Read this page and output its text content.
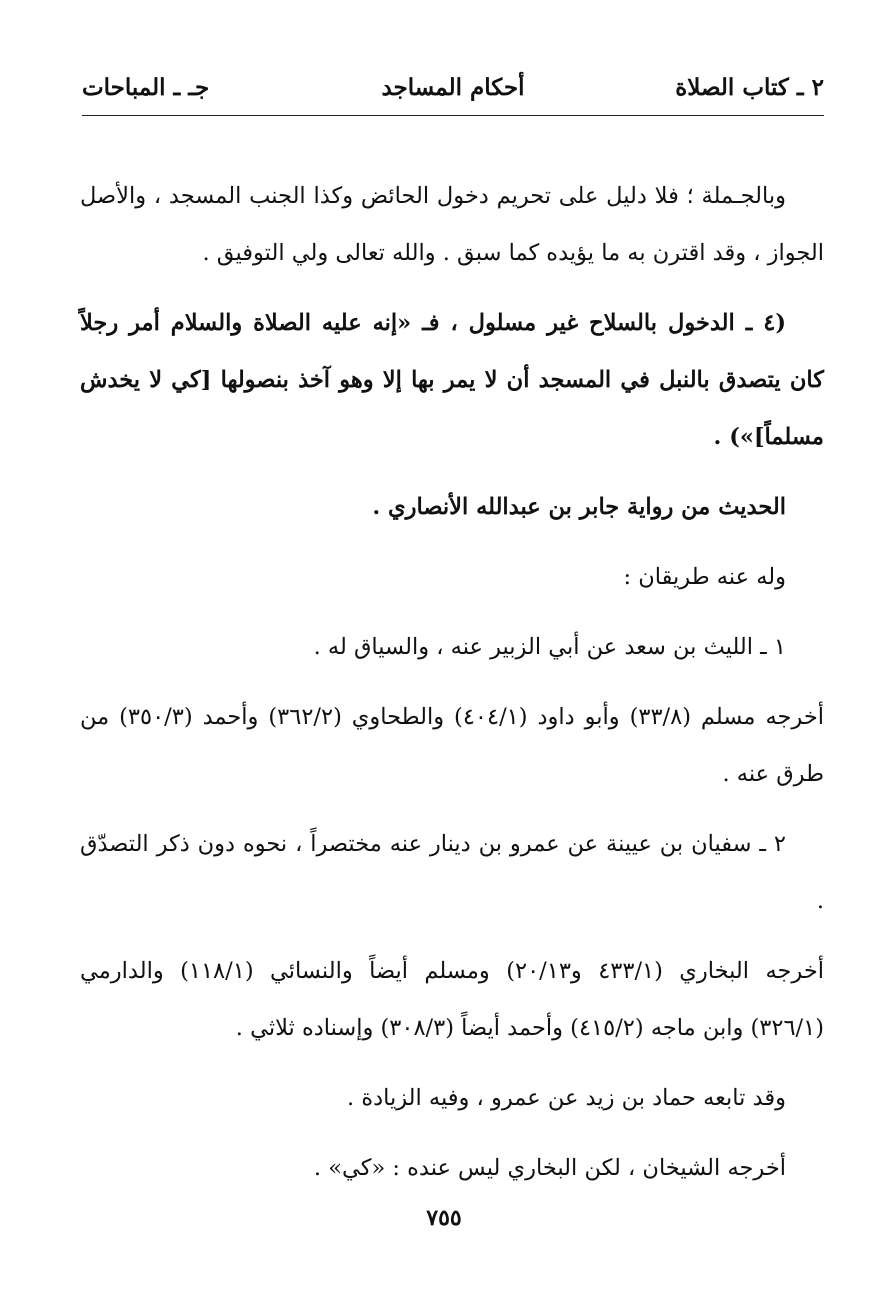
٢ ـ كتاب الصلاة
أحكام المساجد
جـ ـ المباحات

وبالجـملة ؛ فلا دليل على تحريم دخول الحائض وكذا الجنب المسجد ، والأصل الجواز ، وقد اقترن به ما يؤيده كما سبق . والله تعالى ولي التوفيق .

(٤ ـ الدخول بالسلاح غير مسلول ، فـ «إنه عليه الصلاة والسلام أمر رجلاً كان يتصدق بالنبل في المسجد أن لا يمر بها إلا وهو آخذ بنصولها [كي لا يخدش مسلماً]») .

الحديث من رواية جابر بن عبدالله الأنصاري .

وله عنه طريقان :

١ ـ الليث بن سعد عن أبي الزبير عنه ، والسياق له .

أخرجه مسلم (٣٣/٨) وأبو داود (٤٠٤/١) والطحاوي (٣٦٢/٢) وأحمد (٣٥٠/٣) من طرق عنه .

٢ ـ سفيان بن عيينة عن عمرو بن دينار عنه مختصراً ، نحوه دون ذكر التصدّق .

أخرجه البخاري (٤٣٣/١ و٢٠/١٣) ومسلم أيضاً والنسائي (١١٨/١) والدارمي (٣٢٦/١) وابن ماجه (٤١٥/٢) وأحمد أيضاً (٣٠٨/٣) وإسناده ثلاثي .

وقد تابعه حماد بن زيد عن عمرو ، وفيه الزيادة .

أخرجه الشيخان ، لكن البخاري ليس عنده : «كي» .

٧٥٥
